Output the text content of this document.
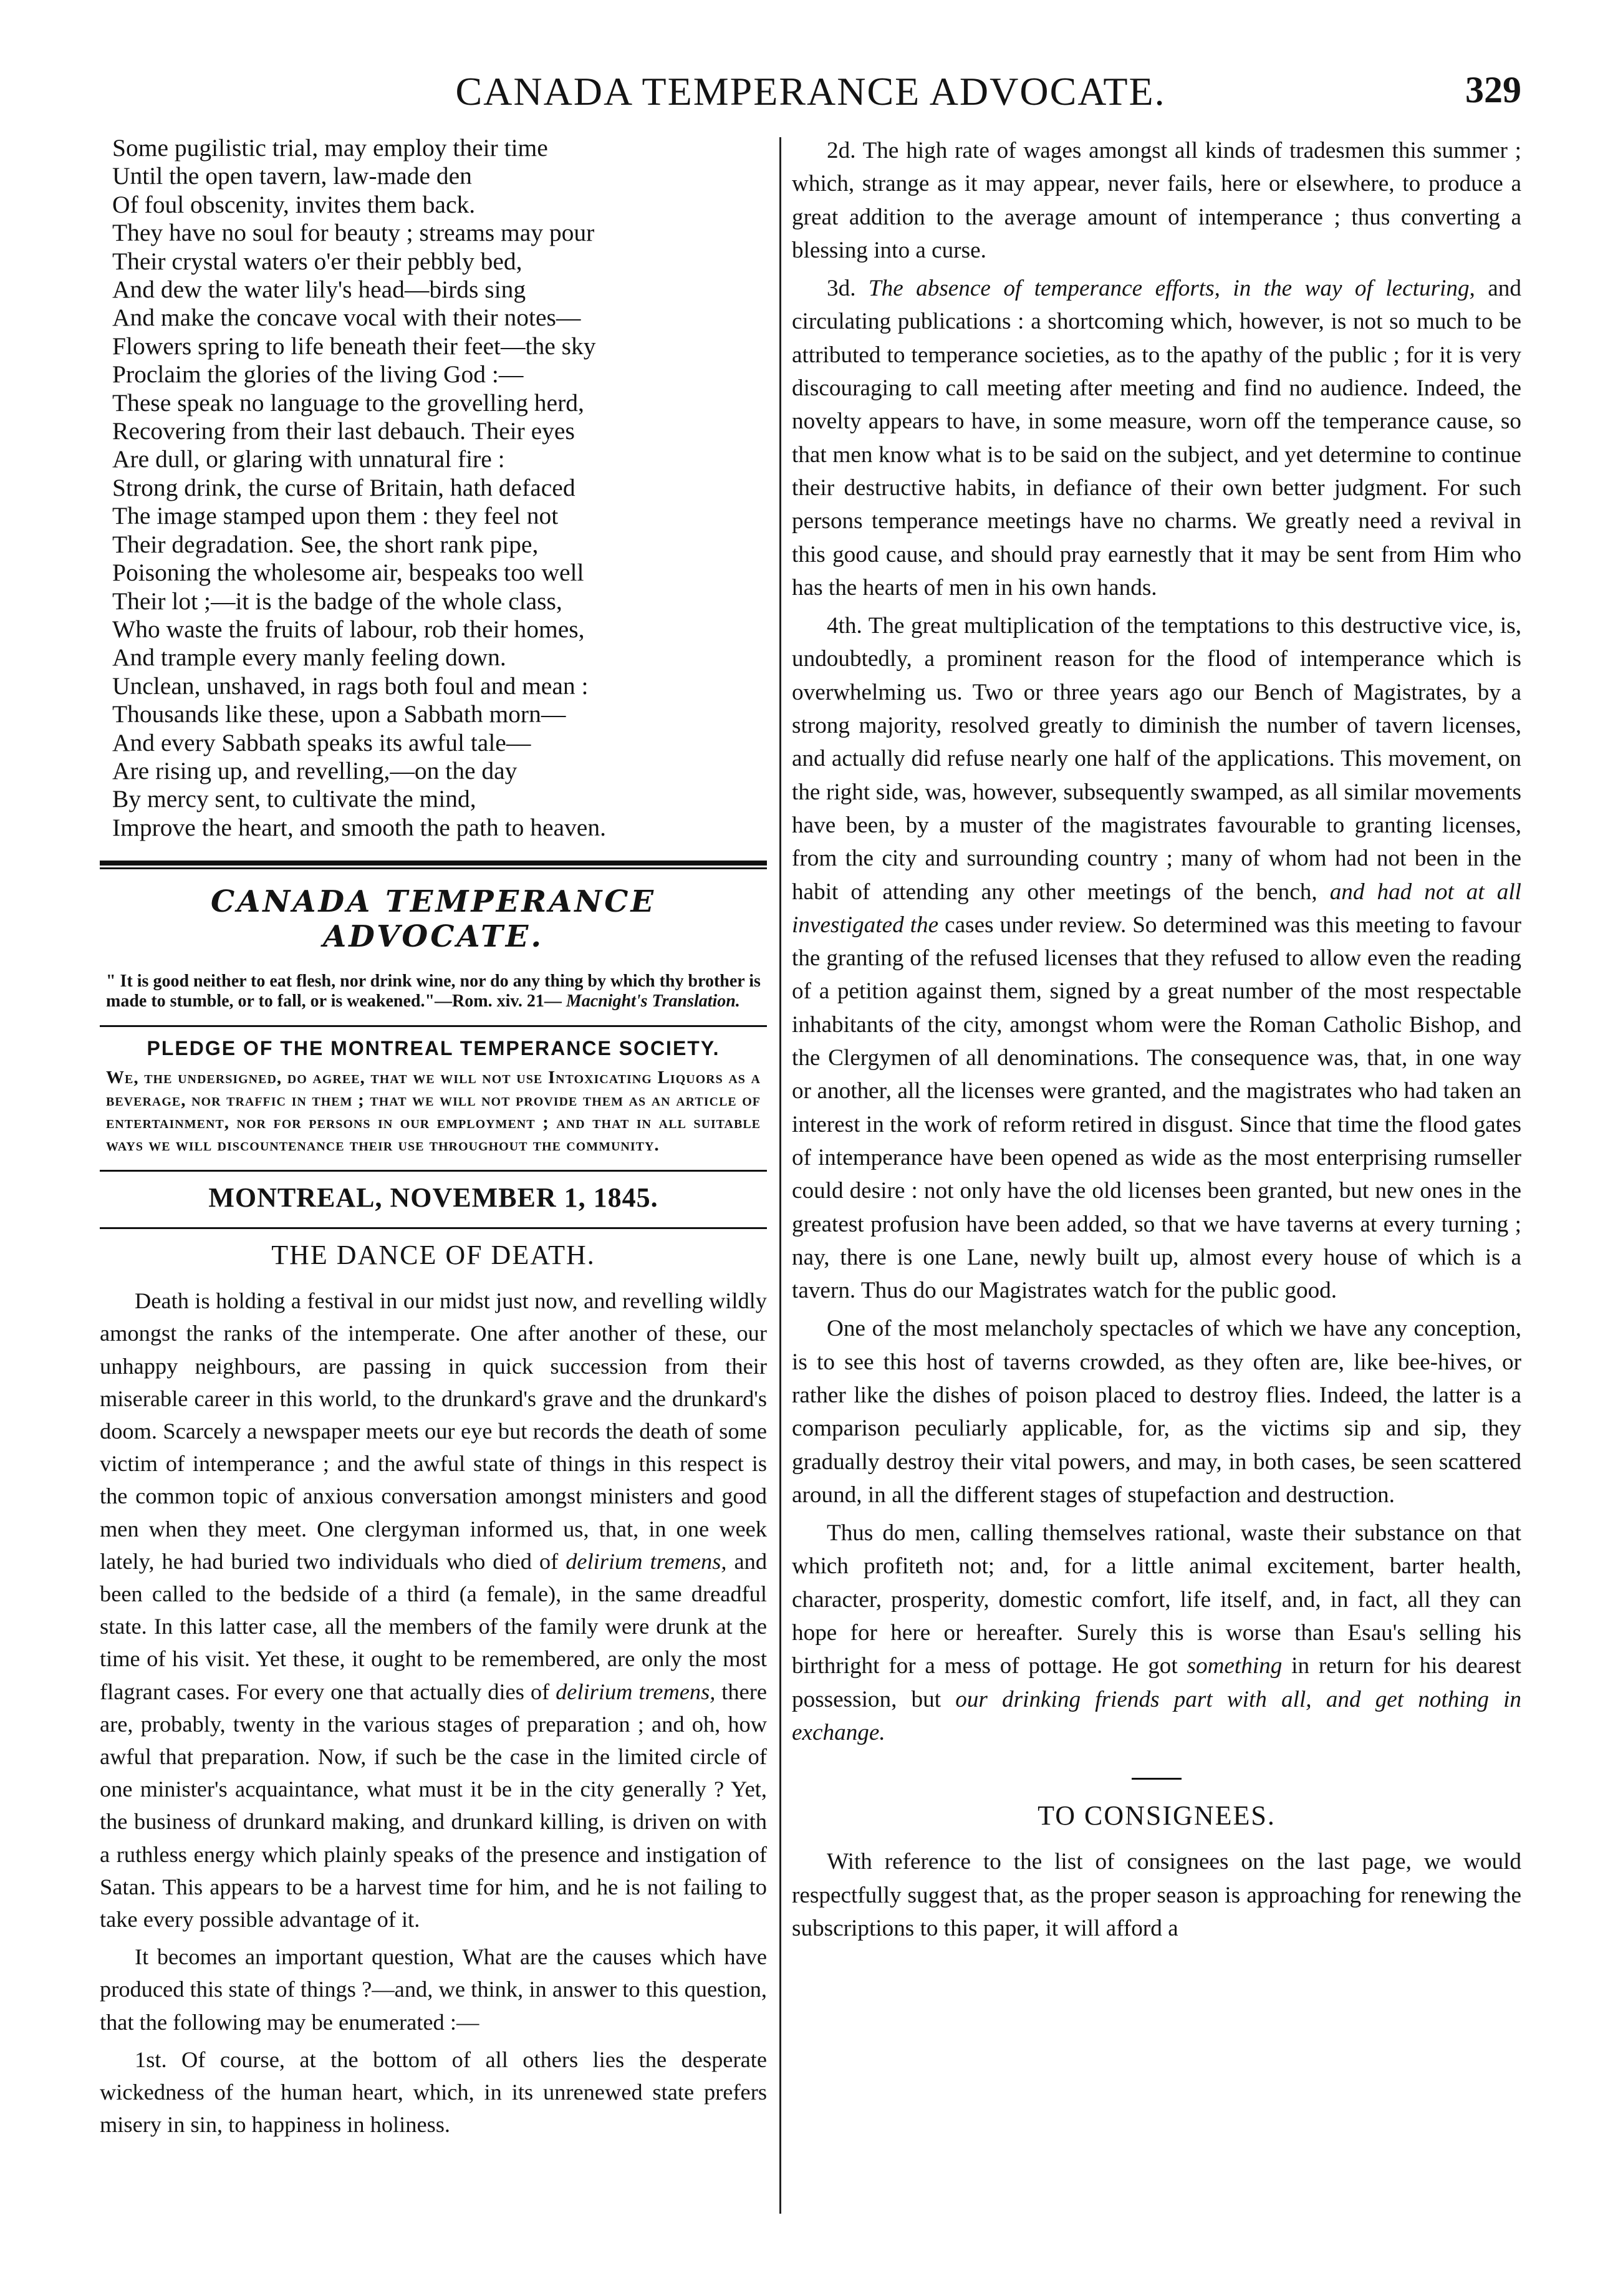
CANADA TEMPERANCE ADVOCATE.	329
Some pugilistic trial, may employ their time
Until the open tavern, law-made den
Of foul obscenity, invites them back.
They have no soul for beauty ; streams may pour
Their crystal waters o'er their pebbly bed,
And dew the water lily's head—birds sing
And make the concave vocal with their notes—
Flowers spring to life beneath their feet—the sky
Proclaim the glories of the living God :—
These speak no language to the grovelling herd,
Recovering from their last debauch. Their eyes
Are dull, or glaring with unnatural fire :
Strong drink, the curse of Britain, hath defaced
The image stamped upon them : they feel not
Their degradation. See, the short rank pipe,
Poisoning the wholesome air, bespeaks too well
Their lot ;—it is the badge of the whole class,
Who waste the fruits of labour, rob their homes,
And trample every manly feeling down.
Unclean, unshaved, in rags both foul and mean :
Thousands like these, upon a Sabbath morn—
And every Sabbath speaks its awful tale—
Are rising up, and revelling,—on the day
By mercy sent, to cultivate the mind,
Improve the heart, and smooth the path to heaven.
CANADA TEMPERANCE ADVOCATE.
" It is good neither to eat flesh, nor drink wine, nor do any thing by which thy brother is made to stumble, or to fall, or is weakened."—Rom. xiv. 21— Macnight's Translation.
PLEDGE OF THE MONTREAL TEMPERANCE SOCIETY.
We, the undersigned, do agree, that we will not use Intoxicating Liquors as a beverage, nor traffic in them ; that we will not provide them as an article of entertainment, nor for persons in our employment ; and that in all suitable ways we will discountenance their use throughout the community.
MONTREAL, NOVEMBER 1, 1845.
THE DANCE OF DEATH.

Death is holding a festival in our midst just now, and revelling wildly amongst the ranks of the intemperate. One after another of these, our unhappy neighbours, are passing in quick succession from their miserable career in this world, to the drunkard's grave and the drunkard's doom. Scarcely a newspaper meets our eye but records the death of some victim of intemperance ; and the awful state of things in this respect is the common topic of anxious conversation amongst ministers and good men when they meet. One clergyman informed us, that, in one week lately, he had buried two individuals who died of delirium tremens, and been called to the bedside of a third (a female), in the same dreadful state. In this latter case, all the members of the family were drunk at the time of his visit. Yet these, it ought to be remembered, are only the most flagrant cases. For every one that actually dies of delirium tremens, there are, probably, twenty in the various stages of preparation ; and oh, how awful that preparation. Now, if such be the case in the limited circle of one minister's acquaintance, what must it be in the city generally ? Yet, the business of drunkard making, and drunkard killing, is driven on with a ruthless energy which plainly speaks of the presence and instigation of Satan. This appears to be a harvest time for him, and he is not failing to take every possible advantage of it.

It becomes an important question, What are the causes which have produced this state of things ?—and, we think, in answer to this question, that the following may be enumerated :—

1st. Of course, at the bottom of all others lies the desperate wickedness of the human heart, which, in its unrenewed state prefers misery in sin, to happiness in holiness.

2d. The high rate of wages amongst all kinds of tradesmen this summer ; which, strange as it may appear, never fails, here or elsewhere, to produce a great addition to the average amount of intemperance ; thus converting a blessing into a curse.

3d. The absence of temperance efforts, in the way of lecturing, and circulating publications : a shortcoming which, however, is not so much to be attributed to temperance societies, as to the apathy of the public ; for it is very discouraging to call meeting after meeting and find no audience. Indeed, the novelty appears to have, in some measure, worn off the temperance cause, so that men know what is to be said on the subject, and yet determine to continue their destructive habits, in defiance of their own better judgment. For such persons temperance meetings have no charms. We greatly need a revival in this good cause, and should pray earnestly that it may be sent from Him who has the hearts of men in his own hands.

4th. The great multiplication of the temptations to this destructive vice, is, undoubtedly, a prominent reason for the flood of intemperance which is overwhelming us. Two or three years ago our Bench of Magistrates, by a strong majority, resolved greatly to diminish the number of tavern licenses, and actually did refuse nearly one half of the applications. This movement, on the right side, was, however, subsequently swamped, as all similar movements have been, by a muster of the magistrates favourable to granting licenses, from the city and surrounding country ; many of whom had not been in the habit of attending any other meetings of the bench, and had not at all investigated the cases under review. So determined was this meeting to favour the granting of the refused licenses that they refused to allow even the reading of a petition against them, signed by a great number of the most respectable inhabitants of the city, amongst whom were the Roman Catholic Bishop, and the Clergymen of all denominations. The consequence was, that, in one way or another, all the licenses were granted, and the magistrates who had taken an interest in the work of reform retired in disgust. Since that time the flood gates of intemperance have been opened as wide as the most enterprising rumseller could desire : not only have the old licenses been granted, but new ones in the greatest profusion have been added, so that we have taverns at every turning ; nay, there is one Lane, newly built up, almost every house of which is a tavern. Thus do our Magistrates watch for the public good.

One of the most melancholy spectacles of which we have any conception, is to see this host of taverns crowded, as they often are, like bee-hives, or rather like the dishes of poison placed to destroy flies. Indeed, the latter is a comparison peculiarly applicable, for, as the victims sip and sip, they gradually destroy their vital powers, and may, in both cases, be seen scattered around, in all the different stages of stupefaction and destruction.

Thus do men, calling themselves rational, waste their substance on that which profiteth not; and, for a little animal excitement, barter health, character, prosperity, domestic comfort, life itself, and, in fact, all they can hope for here or hereafter. Surely this is worse than Esau's selling his birthright for a mess of pottage. He got something in return for his dearest possession, but our drinking friends part with all, and get nothing in exchange.

TO CONSIGNEES.

With reference to the list of consignees on the last page, we would respectfully suggest that, as the proper season is approaching for renewing the subscriptions to this paper, it will afford a
